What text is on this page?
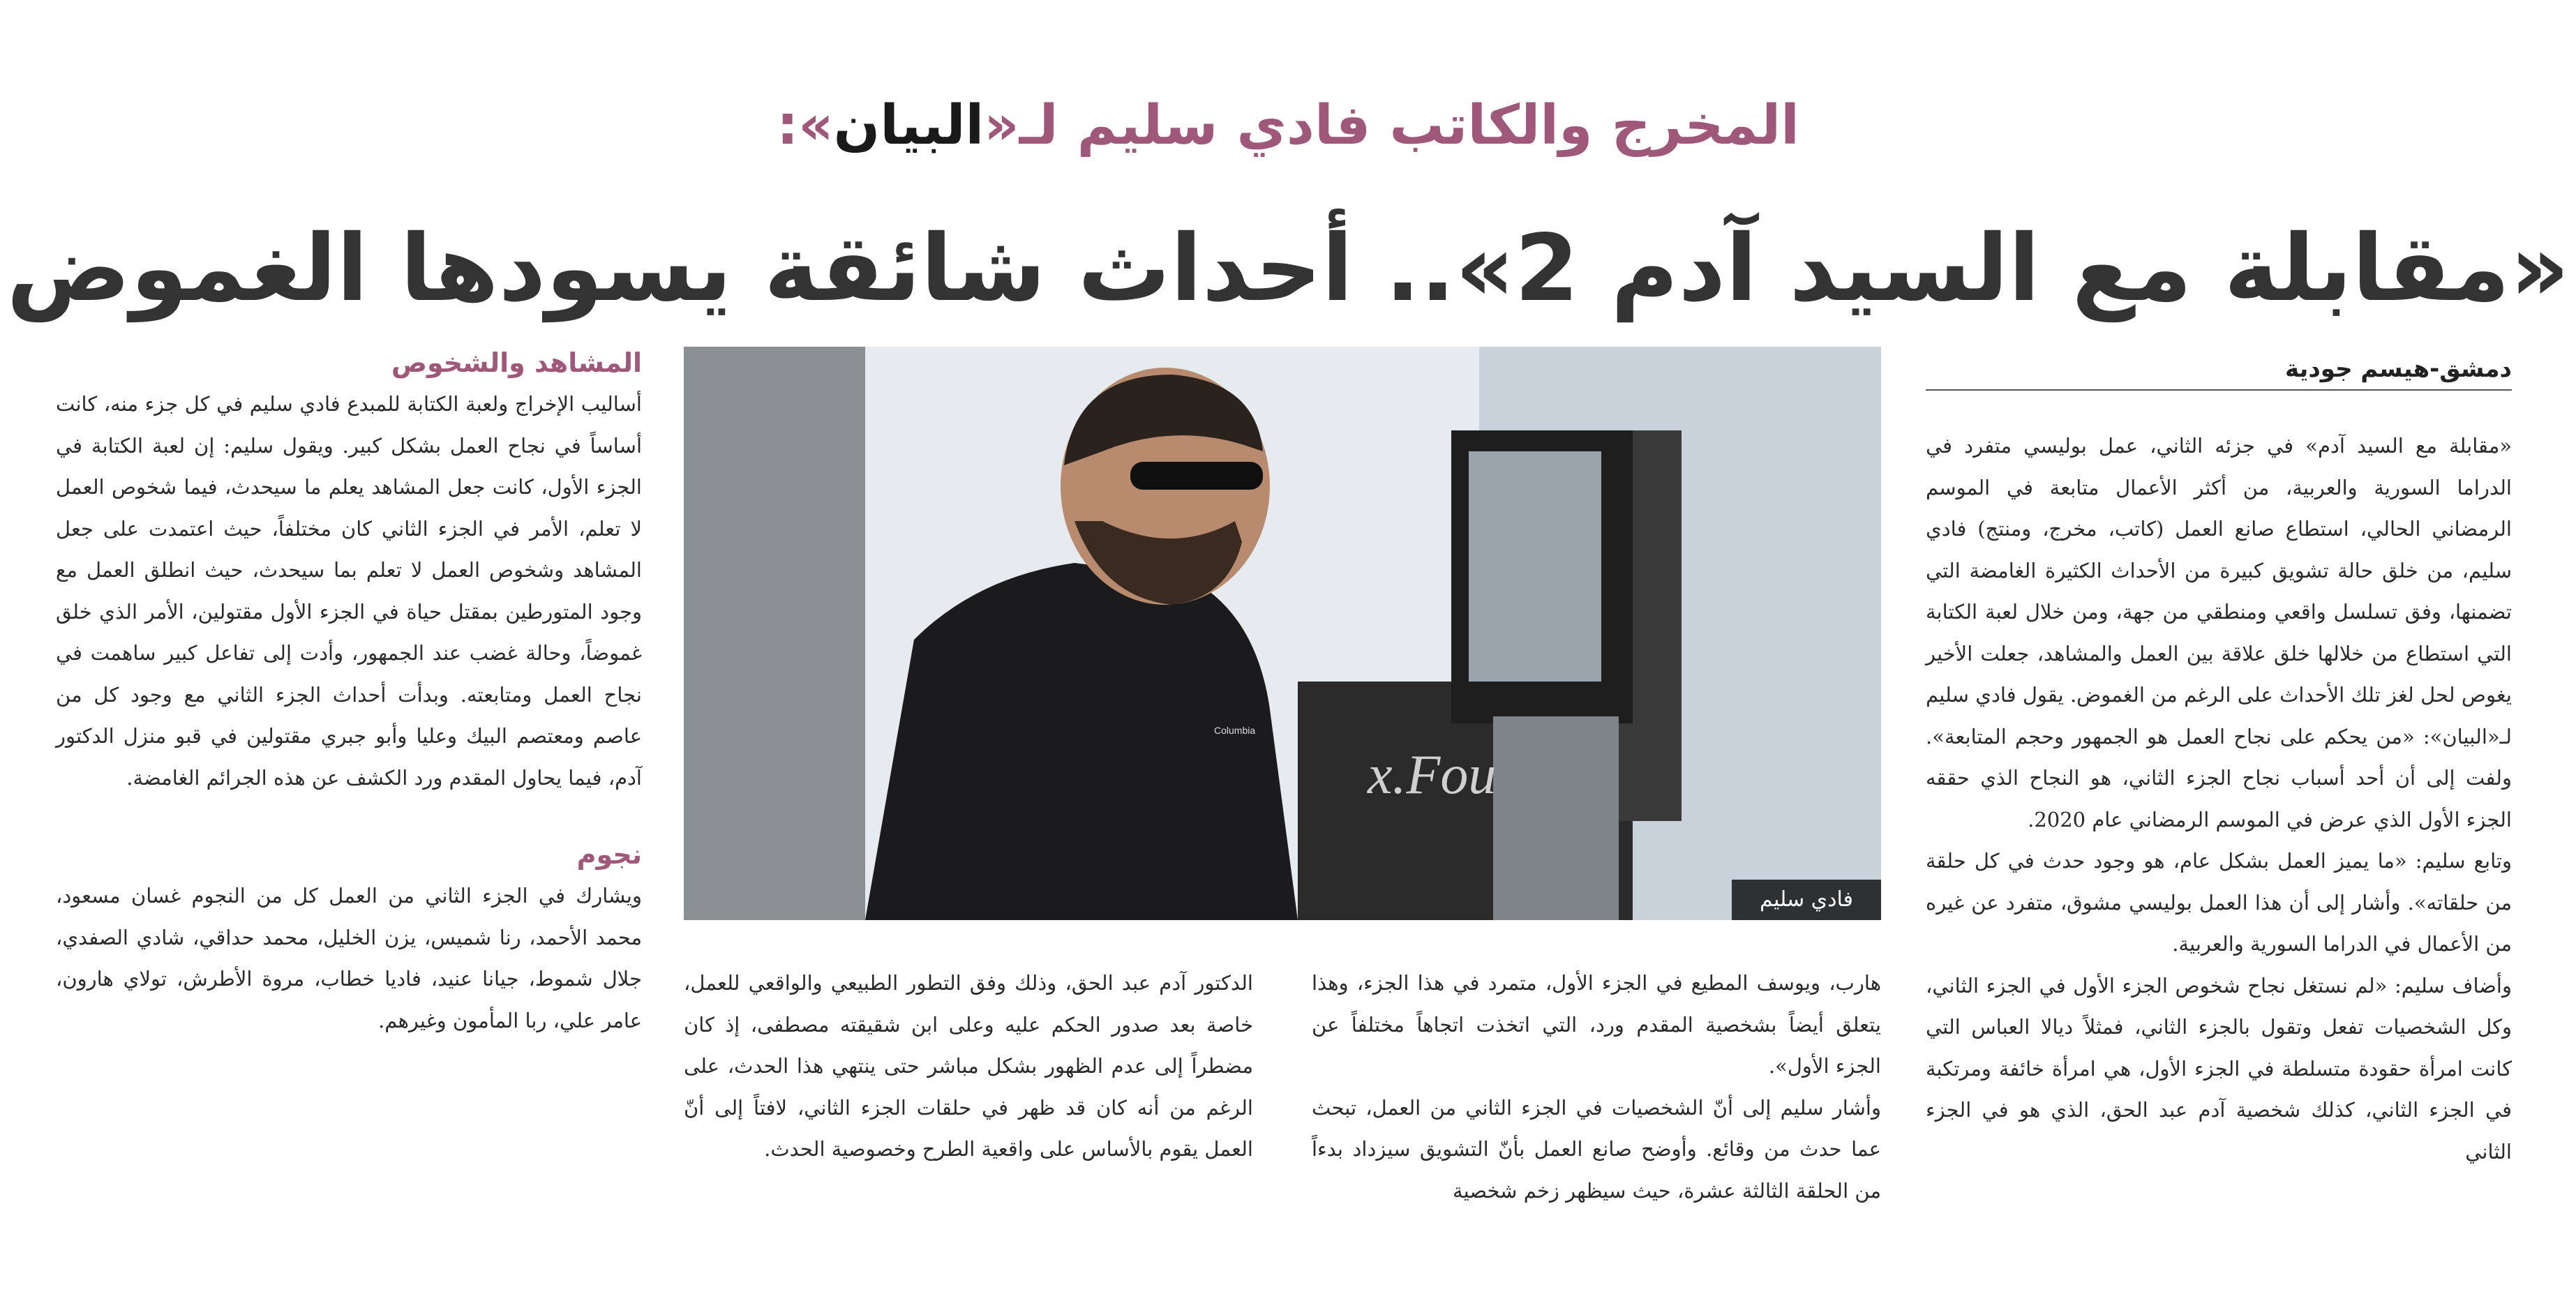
المخرج والكاتب فادي سليم لـ«البيان»:
«مقابلة مع السيد آدم 2».. أحداث شائقة يسودها الغموض
دمشق-هيسم جودية

«مقابلة مع السيد آدم» في جزئه الثاني، عمل بوليسي متفرد في الدراما السورية والعربية، من أكثر الأعمال متابعة في الموسم الرمضاني الحالي، استطاع صانع العمل (كاتب، مخرج، ومنتج) فادي سليم، من خلق حالة تشويق كبيرة من الأحداث الكثيرة الغامضة التي تضمنها، وفق تسلسل واقعي ومنطقي من جهة، ومن خلال لعبة الكتابة التي استطاع من خلالها خلق علاقة بين العمل والمشاهد، جعلت الأخير يغوص لحل لغز تلك الأحداث على الرغم من الغموض. يقول فادي سليم لـ«البيان»: «من يحكم على نجاح العمل هو الجمهور وحجم المتابعة». ولفت إلى أن أحد أسباب نجاح الجزء الثاني، هو النجاح الذي حققه الجزء الأول الذي عرض في الموسم الرمضاني عام 2020.

وتابع سليم: «ما يميز العمل بشكل عام، هو وجود حدث في كل حلقة من حلقاته». وأشار إلى أن هذا العمل بوليسي مشوق، متفرد عن غيره من الأعمال في الدراما السورية والعربية.

وأضاف سليم: «لم نستغل نجاح شخوص الجزء الأول في الجزء الثاني، وكل الشخصيات تفعل وتقول بالجزء الثاني، فمثلاً ديالا العباس التي كانت امرأة حقودة متسلطة في الجزء الأول، هي امرأة خائفة ومرتكبة في الجزء الثاني، كذلك شخصية آدم عبد الحق، الذي هو في الجزء الثاني

Columbia
x.Fou
فادي سليم

هارب، ويوسف المطيع في الجزء الأول، متمرد في هذا الجزء، وهذا يتعلق أيضاً بشخصية المقدم ورد، التي اتخذت اتجاهاً مختلفاً عن الجزء الأول».

وأشار سليم إلى أنّ الشخصيات في الجزء الثاني من العمل، تبحث عما حدث من وقائع. وأوضح صانع العمل بأنّ التشويق سيزداد بدءاً من الحلقة الثالثة عشرة، حيث سيظهر زخم شخصية

الدكتور آدم عبد الحق، وذلك وفق التطور الطبيعي والواقعي للعمل، خاصة بعد صدور الحكم عليه وعلى ابن شقيقته مصطفى، إذ كان مضطراً إلى عدم الظهور بشكل مباشر حتى ينتهي هذا الحدث، على الرغم من أنه كان قد ظهر في حلقات الجزء الثاني، لافتاً إلى أنّ العمل يقوم بالأساس على واقعية الطرح وخصوصية الحدث.

المشاهد والشخوص

أساليب الإخراج ولعبة الكتابة للمبدع فادي سليم في كل جزء منه، كانت أساساً في نجاح العمل بشكل كبير. ويقول سليم: إن لعبة الكتابة في الجزء الأول، كانت جعل المشاهد يعلم ما سيحدث، فيما شخوص العمل لا تعلم، الأمر في الجزء الثاني كان مختلفاً، حيث اعتمدت على جعل المشاهد وشخوص العمل لا تعلم بما سيحدث، حيث انطلق العمل مع وجود المتورطين بمقتل حياة في الجزء الأول مقتولين، الأمر الذي خلق غموضاً، وحالة غضب عند الجمهور، وأدت إلى تفاعل كبير ساهمت في نجاح العمل ومتابعته. وبدأت أحداث الجزء الثاني مع وجود كل من عاصم ومعتصم البيك وعليا وأبو جبري مقتولين في قبو منزل الدكتور آدم، فيما يحاول المقدم ورد الكشف عن هذه الجرائم الغامضة.

نجوم

ويشارك في الجزء الثاني من العمل كل من النجوم غسان مسعود، محمد الأحمد، رنا شميس، يزن الخليل، محمد حداقي، شادي الصفدي، جلال شموط، جيانا عنيد، فاديا خطاب، مروة الأطرش، تولاي هارون، عامر علي، ربا المأمون وغيرهم.
